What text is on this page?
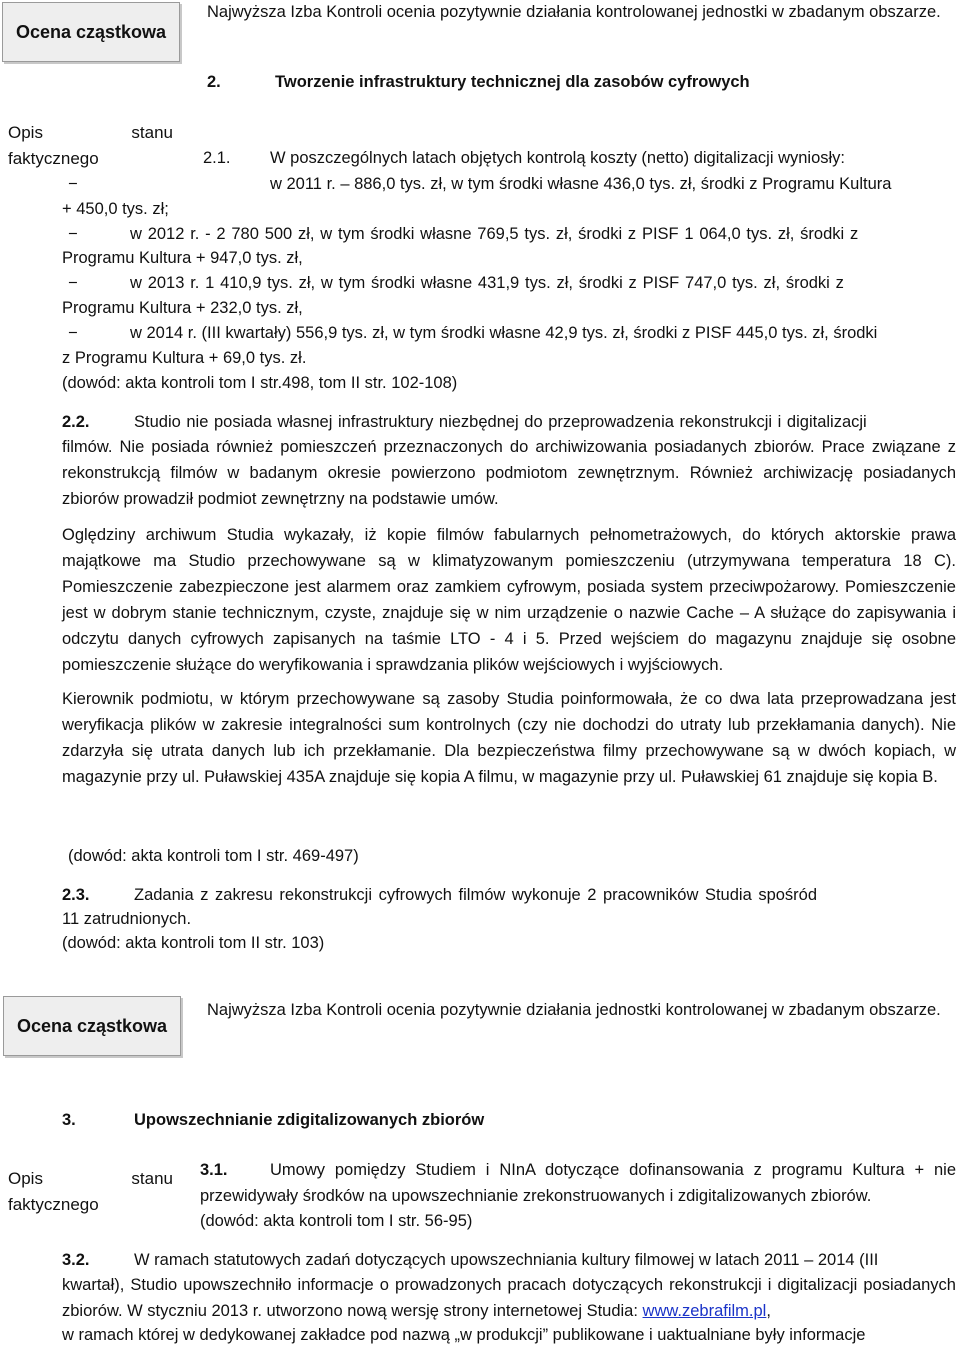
Ocena cząstkowa
Najwyższa Izba Kontroli ocenia pozytywnie działania kontrolowanej jednostki w zbadanym obszarze.
2.	Tworzenie infrastruktury technicznej dla zasobów cyfrowych
Opis	stanu
faktycznego	2.1. W poszczególnych latach objętych kontrolą koszty (netto) digitalizacji wyniosły:
−	w 2011 r. – 886,0 tys. zł, w tym środki własne 436,0 tys. zł, środki z Programu Kultura
+ 450,0 tys. zł;
−	w 2012 r. - 2 780 500 zł, w tym środki własne 769,5 tys. zł, środki z PISF 1 064,0 tys. zł, środki z
Programu Kultura + 947,0 tys. zł,
−	w 2013 r. 1 410,9 tys. zł, w tym środki własne 431,9 tys. zł, środki z PISF 747,0 tys. zł, środki z
Programu Kultura + 232,0 tys. zł,
−	w 2014 r. (III kwartały) 556,9 tys. zł, w tym środki własne 42,9 tys. zł, środki z PISF 445,0 tys. zł, środki
z Programu Kultura + 69,0 tys. zł.
(dowód: akta kontroli tom I str.498, tom II str. 102-108)
2.2.	Studio nie posiada własnej infrastruktury niezbędnej do przeprowadzenia rekonstrukcji i digitalizacji
filmów. Nie posiada również pomieszczeń przeznaczonych do archiwizowania posiadanych zbiorów. Prace związane z rekonstrukcją filmów w badanym okresie powierzono podmiotom zewnętrznym. Również archiwizację posiadanych zbiorów prowadził podmiot zewnętrzny na podstawie umów.
Oględziny archiwum Studia wykazały, iż kopie filmów fabularnych pełnometrażowych, do których aktorskie prawa majątkowe ma Studio przechowywane są w klimatyzowanym pomieszczeniu (utrzymywana temperatura 18 C). Pomieszczenie zabezpieczone jest alarmem oraz zamkiem cyfrowym, posiada system przeciwpożarowy. Pomieszczenie jest w dobrym stanie technicznym, czyste, znajduje się w nim urządzenie o nazwie Cache – A służące do zapisywania i odczytu danych cyfrowych zapisanych na taśmie LTO - 4 i 5. Przed wejściem do magazynu znajduje się osobne pomieszczenie służące do weryfikowania i sprawdzania plików wejściowych i wyjściowych.
Kierownik podmiotu, w którym przechowywane są zasoby Studia poinformowała, że co dwa lata przeprowadzana jest weryfikacja plików w zakresie integralności sum kontrolnych (czy nie dochodzi do utraty lub przekłamania danych). Nie zdarzyła się utrata danych lub ich przekłamanie. Dla bezpieczeństwa filmy przechowywane są w dwóch kopiach, w magazynie przy ul. Puławskiej 435A znajduje się kopia A filmu, w magazynie przy ul. Puławskiej 61 znajduje się kopia B.
(dowód: akta kontroli tom I str. 469-497)
2.3.	Zadania z zakresu rekonstrukcji cyfrowych filmów wykonuje 2 pracowników Studia spośród
11 zatrudnionych.
(dowód: akta kontroli tom II str. 103)
Ocena cząstkowa
Najwyższa Izba Kontroli ocenia pozytywnie działania jednostki kontrolowanej w zbadanym obszarze.
3.	Upowszechnianie zdigitalizowanych zbiorów
Opis	stanu
faktycznego
3.1.	Umowy pomiędzy Studiem i NInA dotyczące dofinansowania z programu Kultura + nie przewidywały środków na upowszechnianie zrekonstruowanych i zdigitalizowanych zbiorów.
(dowód: akta kontroli tom I str. 56-95)
3.2.	W ramach statutowych zadań dotyczących upowszechniania kultury filmowej w latach 2011 – 2014 (III
kwartał), Studio upowszechniło informacje o prowadzonych pracach dotyczących rekonstrukcji i digitalizacji posiadanych zbiorów. W styczniu 2013 r. utworzono nową wersję strony internetowej Studia: www.zebrafilm.pl,
w ramach której w dedykowanej zakładce pod nazwą „w produkcji” publikowane i uaktualniane były informacje
